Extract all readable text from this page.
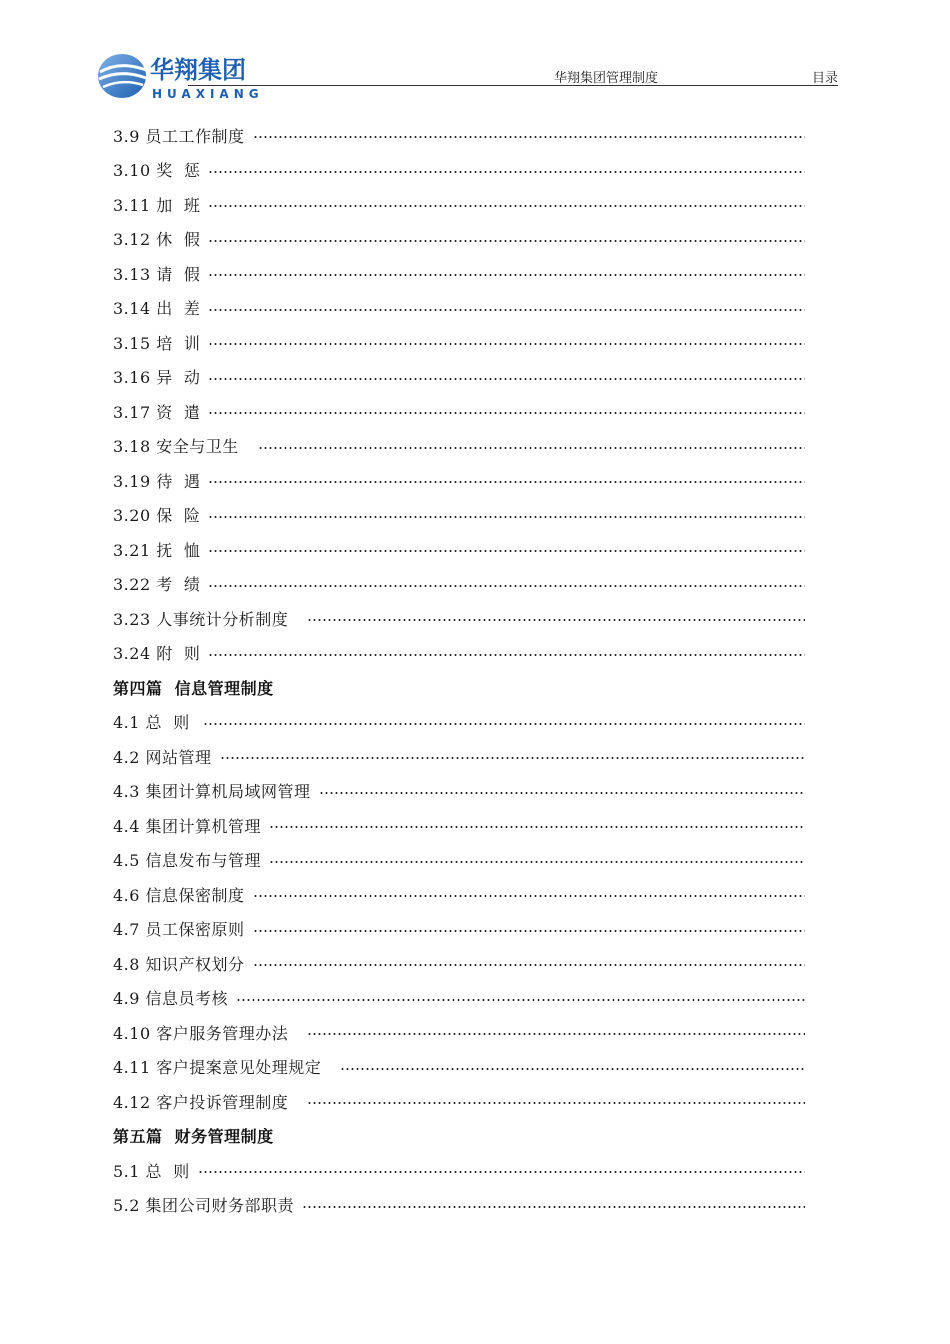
华翔集团
HUAXIANG
华翔集团管理制度	目录
3.9 员工工作制度
3.10 奖  惩
3.11 加  班
3.12 休  假
3.13 请  假
3.14 出  差
3.15 培  训
3.16 异  动
3.17 资  遣
3.18 安全与卫生
3.19 待  遇
3.20 保  险
3.21 抚  恤
3.22 考  绩
3.23 人事统计分析制度
3.24 附  则
第四篇  信息管理制度
4.1 总  则
4.2 网站管理
4.3 集团计算机局域网管理
4.4 集团计算机管理
4.5 信息发布与管理
4.6 信息保密制度
4.7 员工保密原则
4.8 知识产权划分
4.9 信息员考核
4.10 客户服务管理办法
4.11 客户提案意见处理规定
4.12 客户投诉管理制度
第五篇  财务管理制度
5.1 总  则
5.2 集团公司财务部职责
